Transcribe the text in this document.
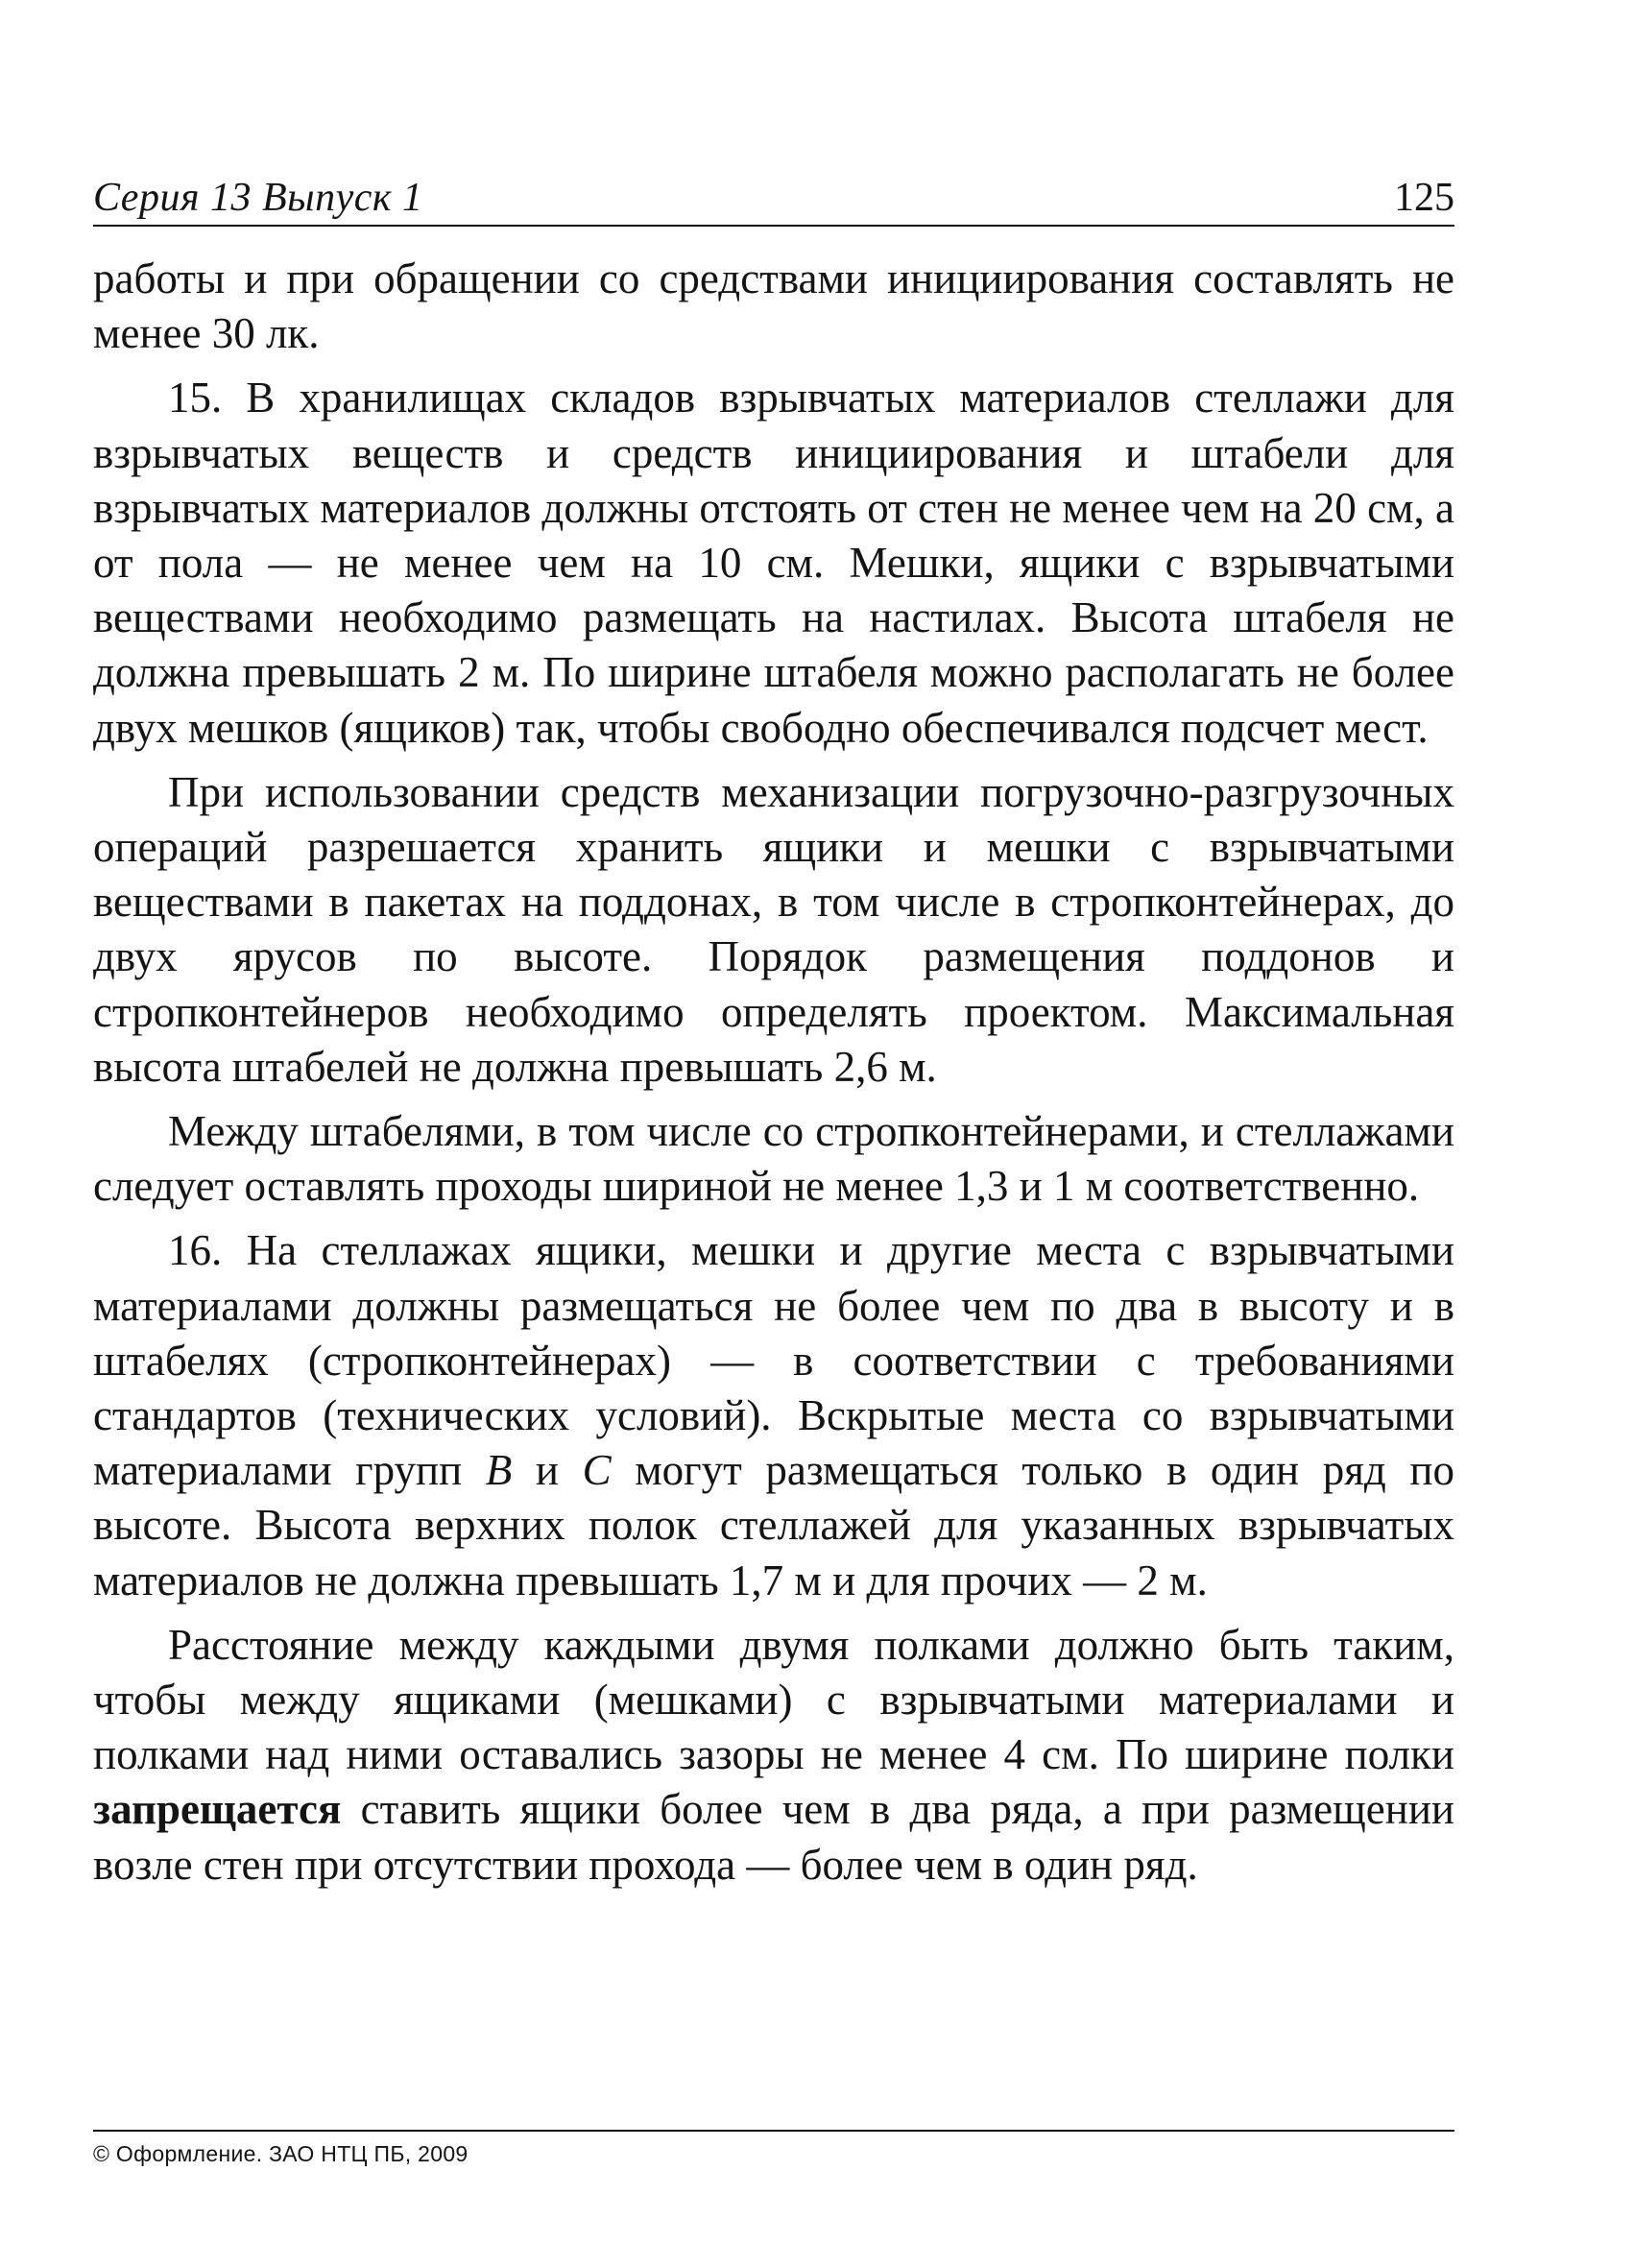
Серия 13 Выпуск 1	125

работы и при обращении со средствами инициирования составлять не менее 30 лк.

15. В хранилищах складов взрывчатых материалов стеллажи для взрывчатых веществ и средств инициирования и штабели для взрывчатых материалов должны отстоять от стен не менее чем на 20 см, а от пола — не менее чем на 10 см. Мешки, ящики с взрывчатыми веществами необходимо размещать на настилах. Высота штабеля не должна превышать 2 м. По ширине штабеля можно располагать не более двух мешков (ящиков) так, чтобы свободно обеспечивался подсчет мест.

При использовании средств механизации погрузочно-разгрузочных операций разрешается хранить ящики и мешки с взрывчатыми веществами в пакетах на поддонах, в том числе в стропконтейнерах, до двух ярусов по высоте. Порядок размещения поддонов и стропконтейнеров необходимо определять проектом. Максимальная высота штабелей не должна превышать 2,6 м.

Между штабелями, в том числе со стропконтейнерами, и стеллажами следует оставлять проходы шириной не менее 1,3 и 1 м соответственно.

16. На стеллажах ящики, мешки и другие места с взрывчатыми материалами должны размещаться не более чем по два в высоту и в штабелях (стропконтейнерах) — в соответствии с требованиями стандартов (технических условий). Вскрытые места со взрывчатыми материалами групп B и C могут размещаться только в один ряд по высоте. Высота верхних полок стеллажей для указанных взрывчатых материалов не должна превышать 1,7 м и для прочих — 2 м.

Расстояние между каждыми двумя полками должно быть таким, чтобы между ящиками (мешками) с взрывчатыми материалами и полками над ними оставались зазоры не менее 4 см. По ширине полки запрещается ставить ящики более чем в два ряда, а при размещении возле стен при отсутствии прохода — более чем в один ряд.

© Оформление. ЗАО НТЦ ПБ, 2009
